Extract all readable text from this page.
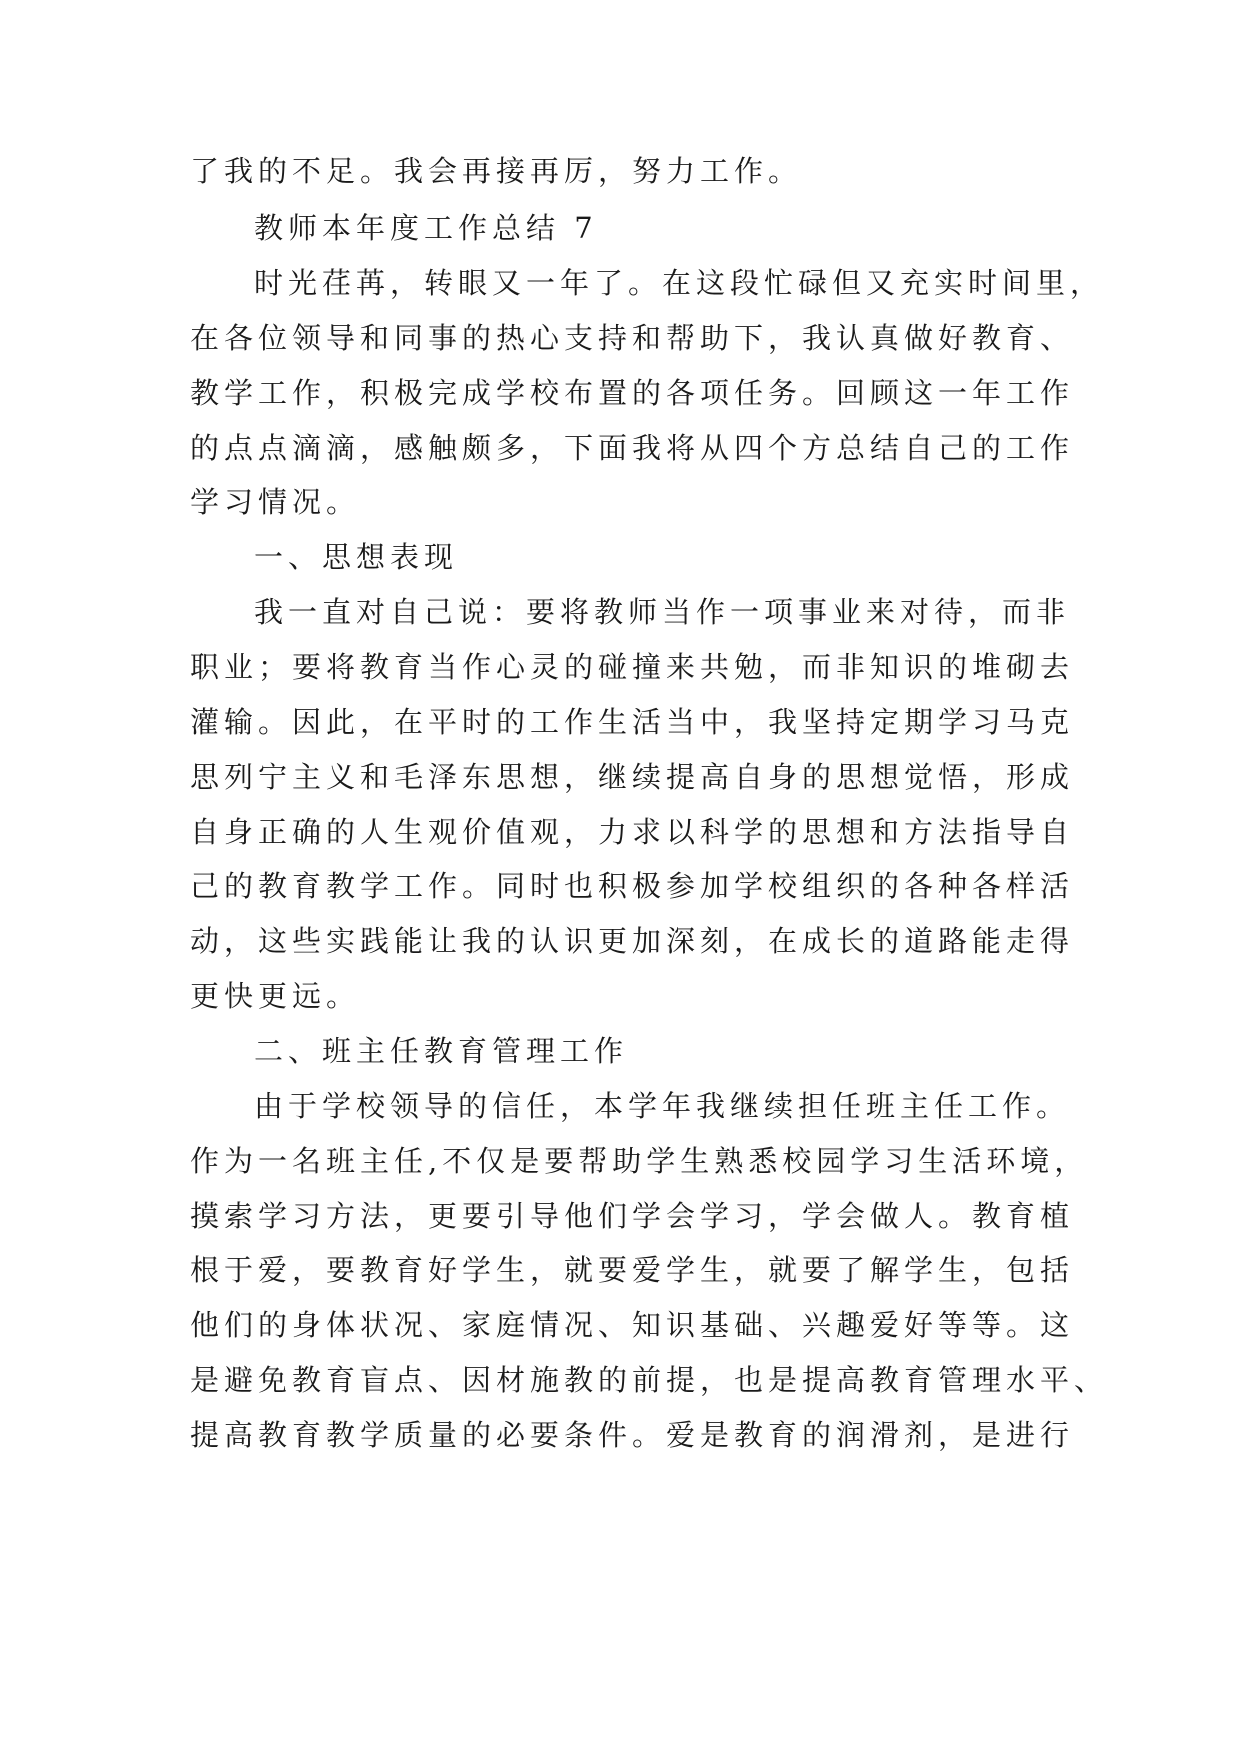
了我的不足。我会再接再厉，努力工作。

教师本年度工作总结 7

时光荏苒，转眼又一年了。在这段忙碌但又充实时间里，

在各位领导和同事的热心支持和帮助下，我认真做好教育、

教学工作，积极完成学校布置的各项任务。回顾这一年工作

的点点滴滴，感触颇多，下面我将从四个方总结自己的工作

学习情况。

一、思想表现

我一直对自己说：要将教师当作一项事业来对待，而非

职业；要将教育当作心灵的碰撞来共勉，而非知识的堆砌去

灌输。因此，在平时的工作生活当中，我坚持定期学习马克

思列宁主义和毛泽东思想，继续提高自身的思想觉悟，形成

自身正确的人生观价值观，力求以科学的思想和方法指导自

己的教育教学工作。同时也积极参加学校组织的各种各样活

动，这些实践能让我的认识更加深刻，在成长的道路能走得

更快更远。

二、班主任教育管理工作

由于学校领导的信任，本学年我继续担任班主任工作。

作为一名班主任,不仅是要帮助学生熟悉校园学习生活环境，

摸索学习方法，更要引导他们学会学习，学会做人。教育植

根于爱，要教育好学生，就要爱学生，就要了解学生，包括

他们的身体状况、家庭情况、知识基础、兴趣爱好等等。这

是避免教育盲点、因材施教的前提，也是提高教育管理水平、

提高教育教学质量的必要条件。爱是教育的润滑剂，是进行
